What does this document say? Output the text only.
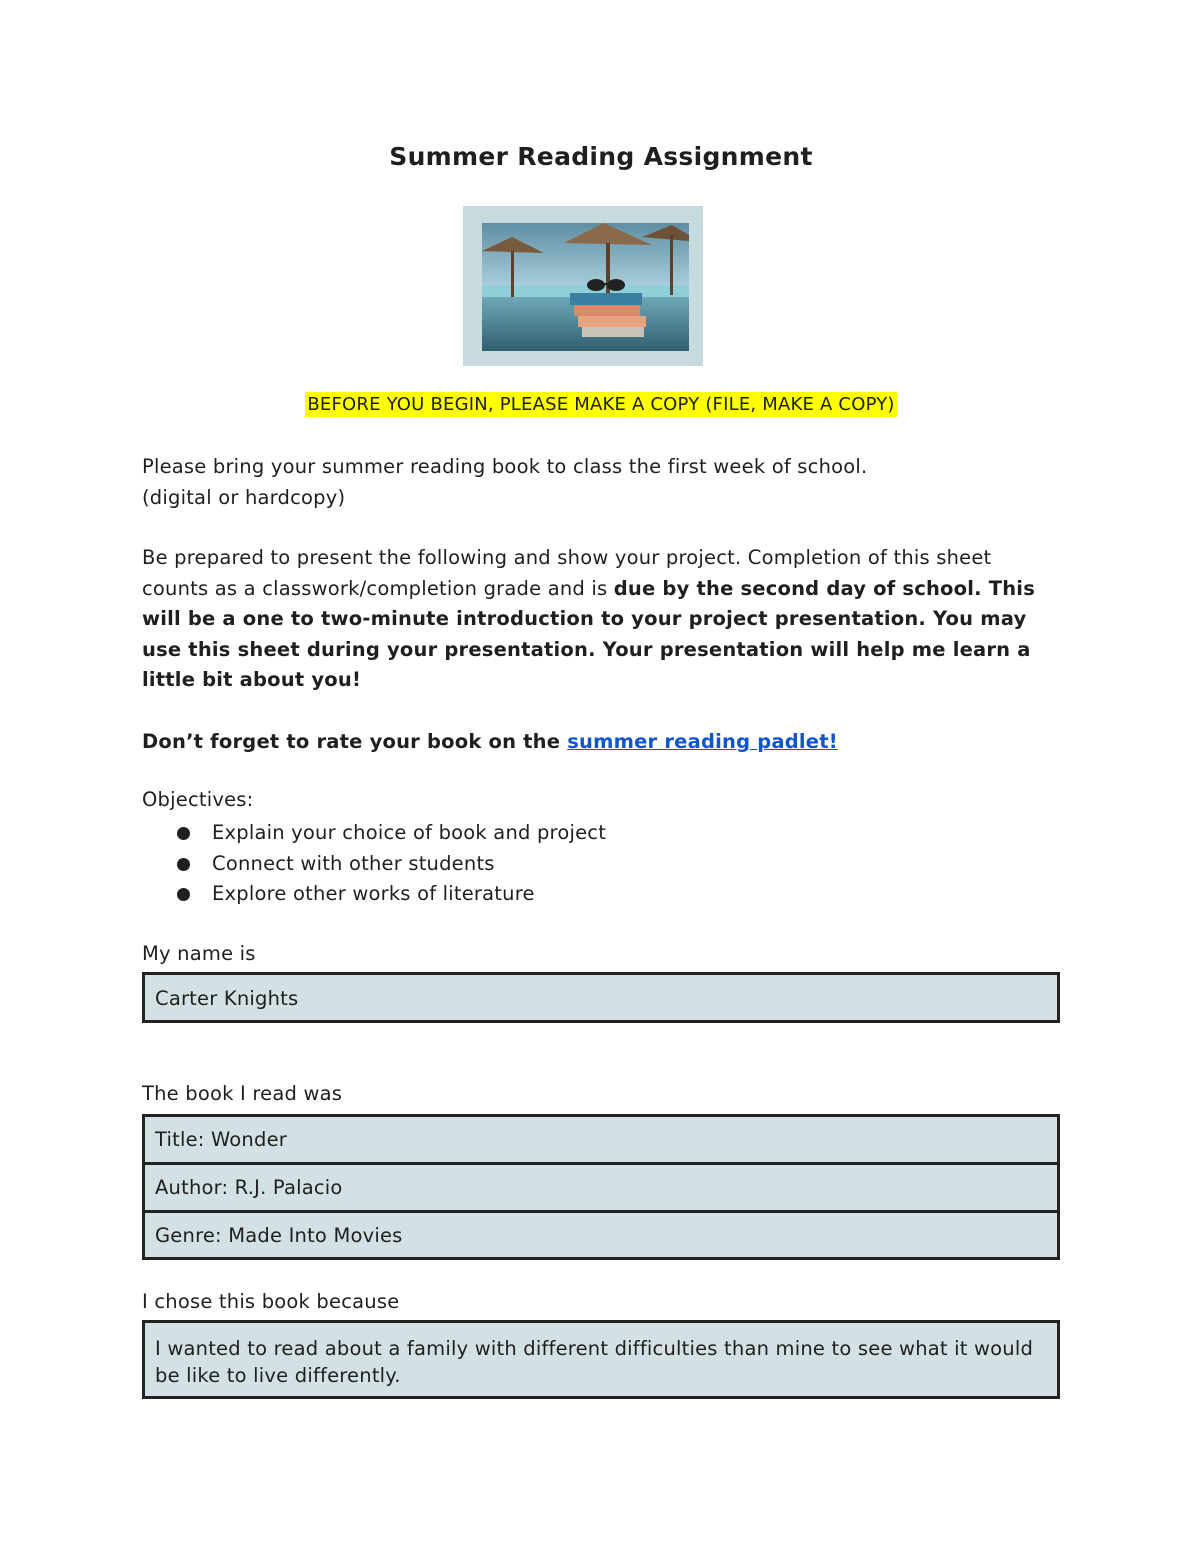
Summer Reading Assignment
BEFORE YOU BEGIN, PLEASE MAKE A COPY (FILE, MAKE A COPY)
Please bring your summer reading book to class the first week of school.
(digital or hardcopy)
Be prepared to present the following and show your project. Completion of this sheet counts as a classwork/completion grade and is due by the second day of school. This will be a one to two-minute introduction to your project presentation. You may use this sheet during your presentation. Your presentation will help me learn a little bit about you!
Don’t forget to rate your book on the summer reading padlet!
Objectives:
Explain your choice of book and project
Connect with other students
Explore other works of literature
My name is
Carter Knights
The book I read was
Title: Wonder
Author: R.J. Palacio
Genre: Made Into Movies
I chose this book because
I wanted to read about a family with different difficulties than mine to see what it would be like to live differently.
